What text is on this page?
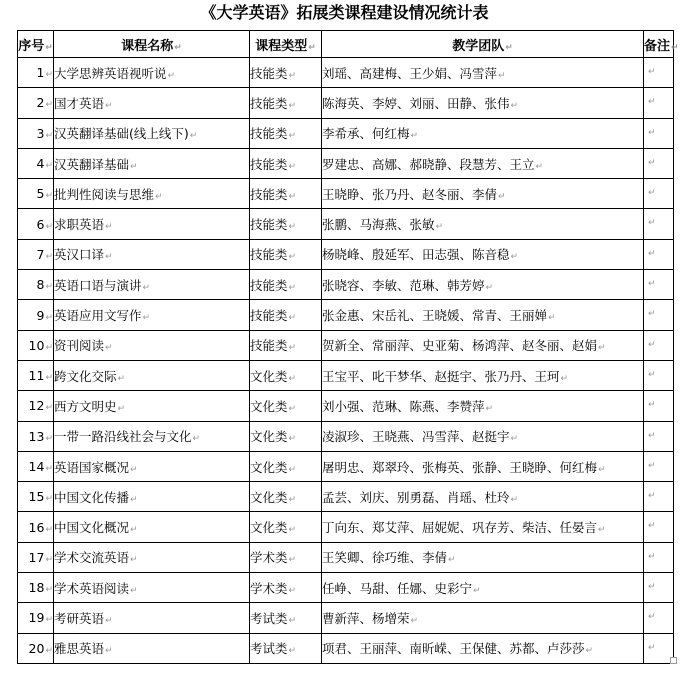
《大学英语》拓展类课程建设情况统计表
序号↵	课程名称↵	课程类型↵	教学团队↵	备注↵
1↵	大学思辨英语视听说↵	技能类↵	刘瑶、高建梅、王少娟、冯雪萍↵	↵

2↵	国才英语↵	技能类↵	陈海英、李婷、刘丽、田静、张伟↵	↵

3↵	汉英翻译基础(线上线下)↵	技能类↵	李希承、何红梅↵	↵

4↵	汉英翻译基础↵	技能类↵	罗建忠、高娜、郝晓静、段慧芳、王立↵	↵

5↵	批判性阅读与思维↵	技能类↵	王晓睁、张乃丹、赵冬丽、李倩↵	↵

6↵	求职英语↵	技能类↵	张鹏、马海燕、张敏↵	↵

7↵	英汉口译↵	技能类↵	杨晓峰、殷延军、田志强、陈音稳↵	↵

8↵	英语口语与演讲↵	技能类↵	张晓容、李敏、范琳、韩芳婷↵	↵

9↵	英语应用文写作↵	技能类↵	张金惠、宋岳礼、王晓媛、常青、王丽婵↵	↵

10↵	资刊阅读↵	技能类↵	贺新全、常丽萍、史亚菊、杨鸿萍、赵冬丽、赵娟↵	↵

11↵	跨文化交际↵	文化类↵	王宝平、叱干梦华、赵挺宇、张乃丹、王珂↵	↵

12↵	西方文明史↵	文化类↵	刘小强、范琳、陈燕、李赞萍↵	↵

13↵	一带一路沿线社会与文化↵	文化类↵	凌淑珍、王晓燕、冯雪萍、赵挺宇↵	↵

14↵	英语国家概况↵	文化类↵	屠明忠、郑翠玲、张梅英、张静、王晓睁、何红梅↵	↵

15↵	中国文化传播↵	文化类↵	孟芸、刘庆、别勇磊、肖瑶、杜玲↵	↵

16↵	中国文化概况↵	文化类↵	丁向东、郑艾萍、屈妮妮、巩存芳、柴洁、任晏言↵	↵

17↵	学术交流英语↵	学术类↵	王笑卿、徐巧维、李倩↵	↵

18↵	学术英语阅读↵	学术类↵	任峥、马甜、任娜、史彩宁↵	↵

19↵	考研英语↵	考试类↵	曹新萍、杨增荣↵	↵

20↵	雅思英语↵	考试类↵	项君、王丽萍、南昕嵘、王保健、苏都、卢莎莎↵	↵
